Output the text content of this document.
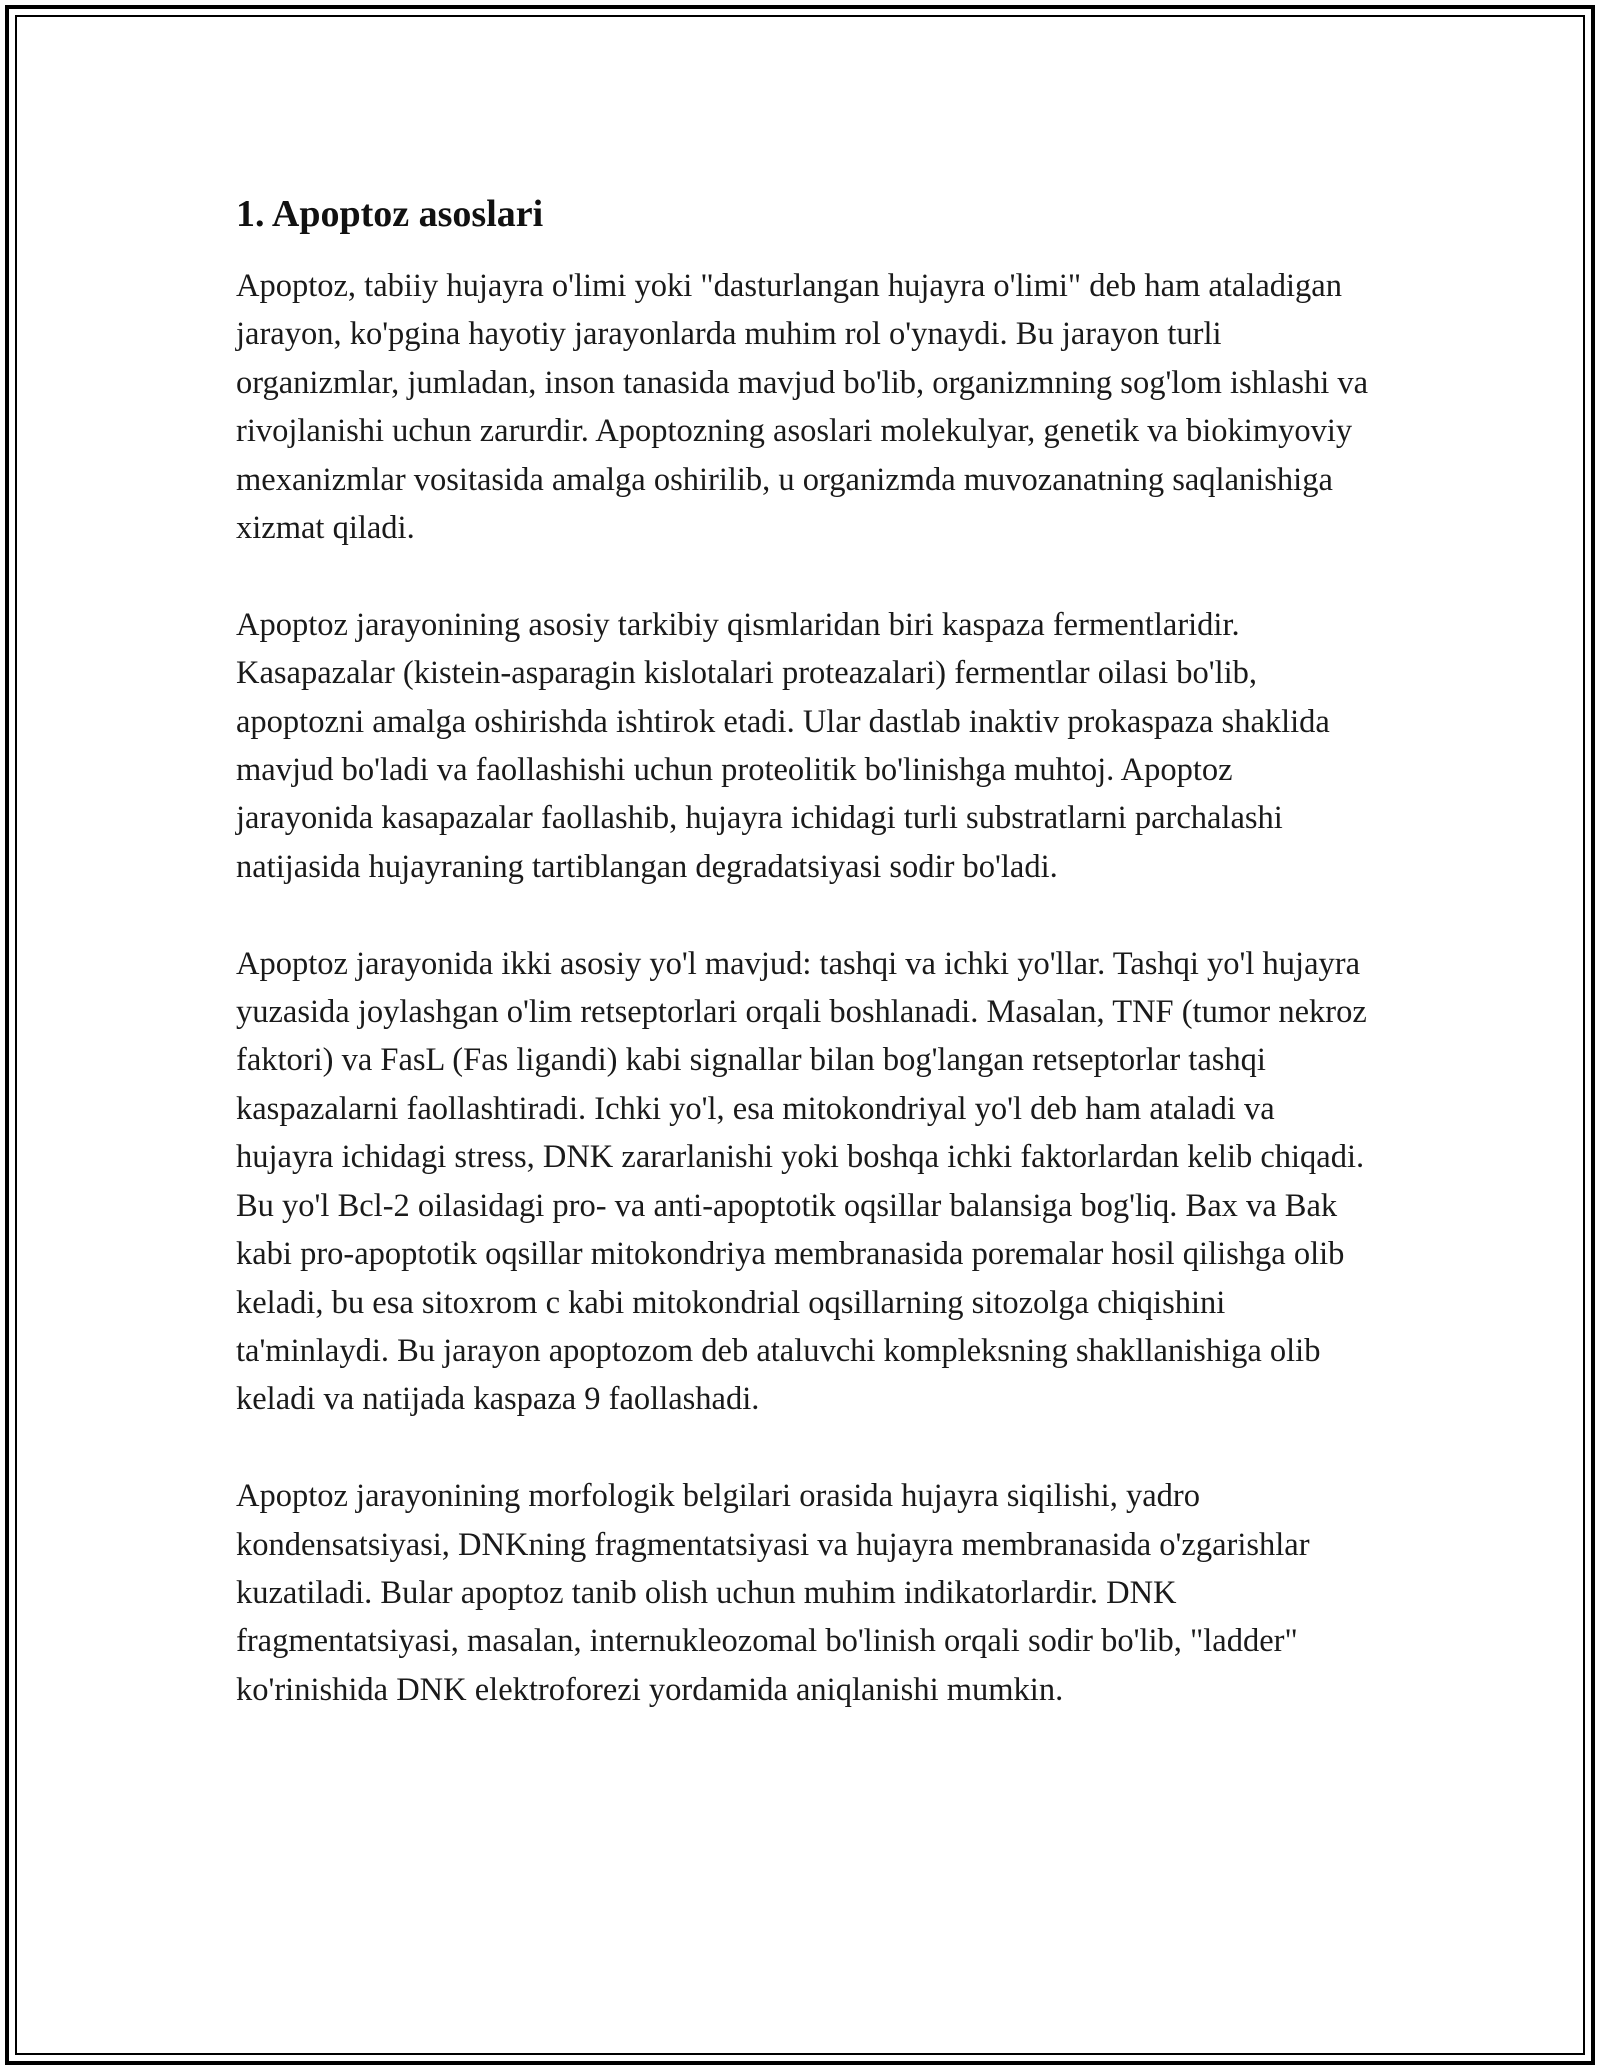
1. Apoptoz asoslari

Apoptoz, tabiiy hujayra o'limi yoki "dasturlangan hujayra o'limi" deb ham ataladigan jarayon, ko'pgina hayotiy jarayonlarda muhim rol o'ynaydi. Bu jarayon turli organizmlar, jumladan, inson tanasida mavjud bo'lib, organizmning sog'lom ishlashi va rivojlanishi uchun zarurdir. Apoptozning asoslari molekulyar, genetik va biokimyoviy mexanizmlar vositasida amalga oshirilib, u organizmda muvozanatning saqlanishiga xizmat qiladi.

Apoptoz jarayonining asosiy tarkibiy qismlaridan biri kaspaza fermentlaridir. Kasapazalar (kistein-asparagin kislotalari proteazalari) fermentlar oilasi bo'lib, apoptozni amalga oshirishda ishtirok etadi. Ular dastlab inaktiv prokaspaza shaklida mavjud bo'ladi va faollashishi uchun proteolitik bo'linishga muhtoj. Apoptoz jarayonida kasapazalar faollashib, hujayra ichidagi turli substratlarni parchalashi natijasida hujayraning tartiblangan degradatsiyasi sodir bo'ladi.

Apoptoz jarayonida ikki asosiy yo'l mavjud: tashqi va ichki yo'llar. Tashqi yo'l hujayra yuzasida joylashgan o'lim retseptorlari orqali boshlanadi. Masalan, TNF (tumor nekroz faktori) va FasL (Fas ligandi) kabi signallar bilan bog'langan retseptorlar tashqi kaspazalarni faollashtiradi. Ichki yo'l, esa mitokondriyal yo'l deb ham ataladi va hujayra ichidagi stress, DNK zararlanishi yoki boshqa ichki faktorlardan kelib chiqadi. Bu yo'l Bcl-2 oilasidagi pro- va anti-apoptotik oqsillar balansiga bog'liq. Bax va Bak kabi pro-apoptotik oqsillar mitokondriya membranasida poremalar hosil qilishga olib keladi, bu esa sitoxrom c kabi mitokondrial oqsillarning sitozolga chiqishini ta'minlaydi. Bu jarayon apoptozom deb ataluvchi kompleksning shakllanishiga olib keladi va natijada kaspaza 9 faollashadi.

Apoptoz jarayonining morfologik belgilari orasida hujayra siqilishi, yadro kondensatsiyasi, DNKning fragmentatsiyasi va hujayra membranasida o'zgarishlar kuzatiladi. Bular apoptoz tanib olish uchun muhim indikatorlardir. DNK fragmentatsiyasi, masalan, internukleozomal bo'linish orqali sodir bo'lib, "ladder" ko'rinishida DNK elektroforezi yordamida aniqlanishi mumkin.
